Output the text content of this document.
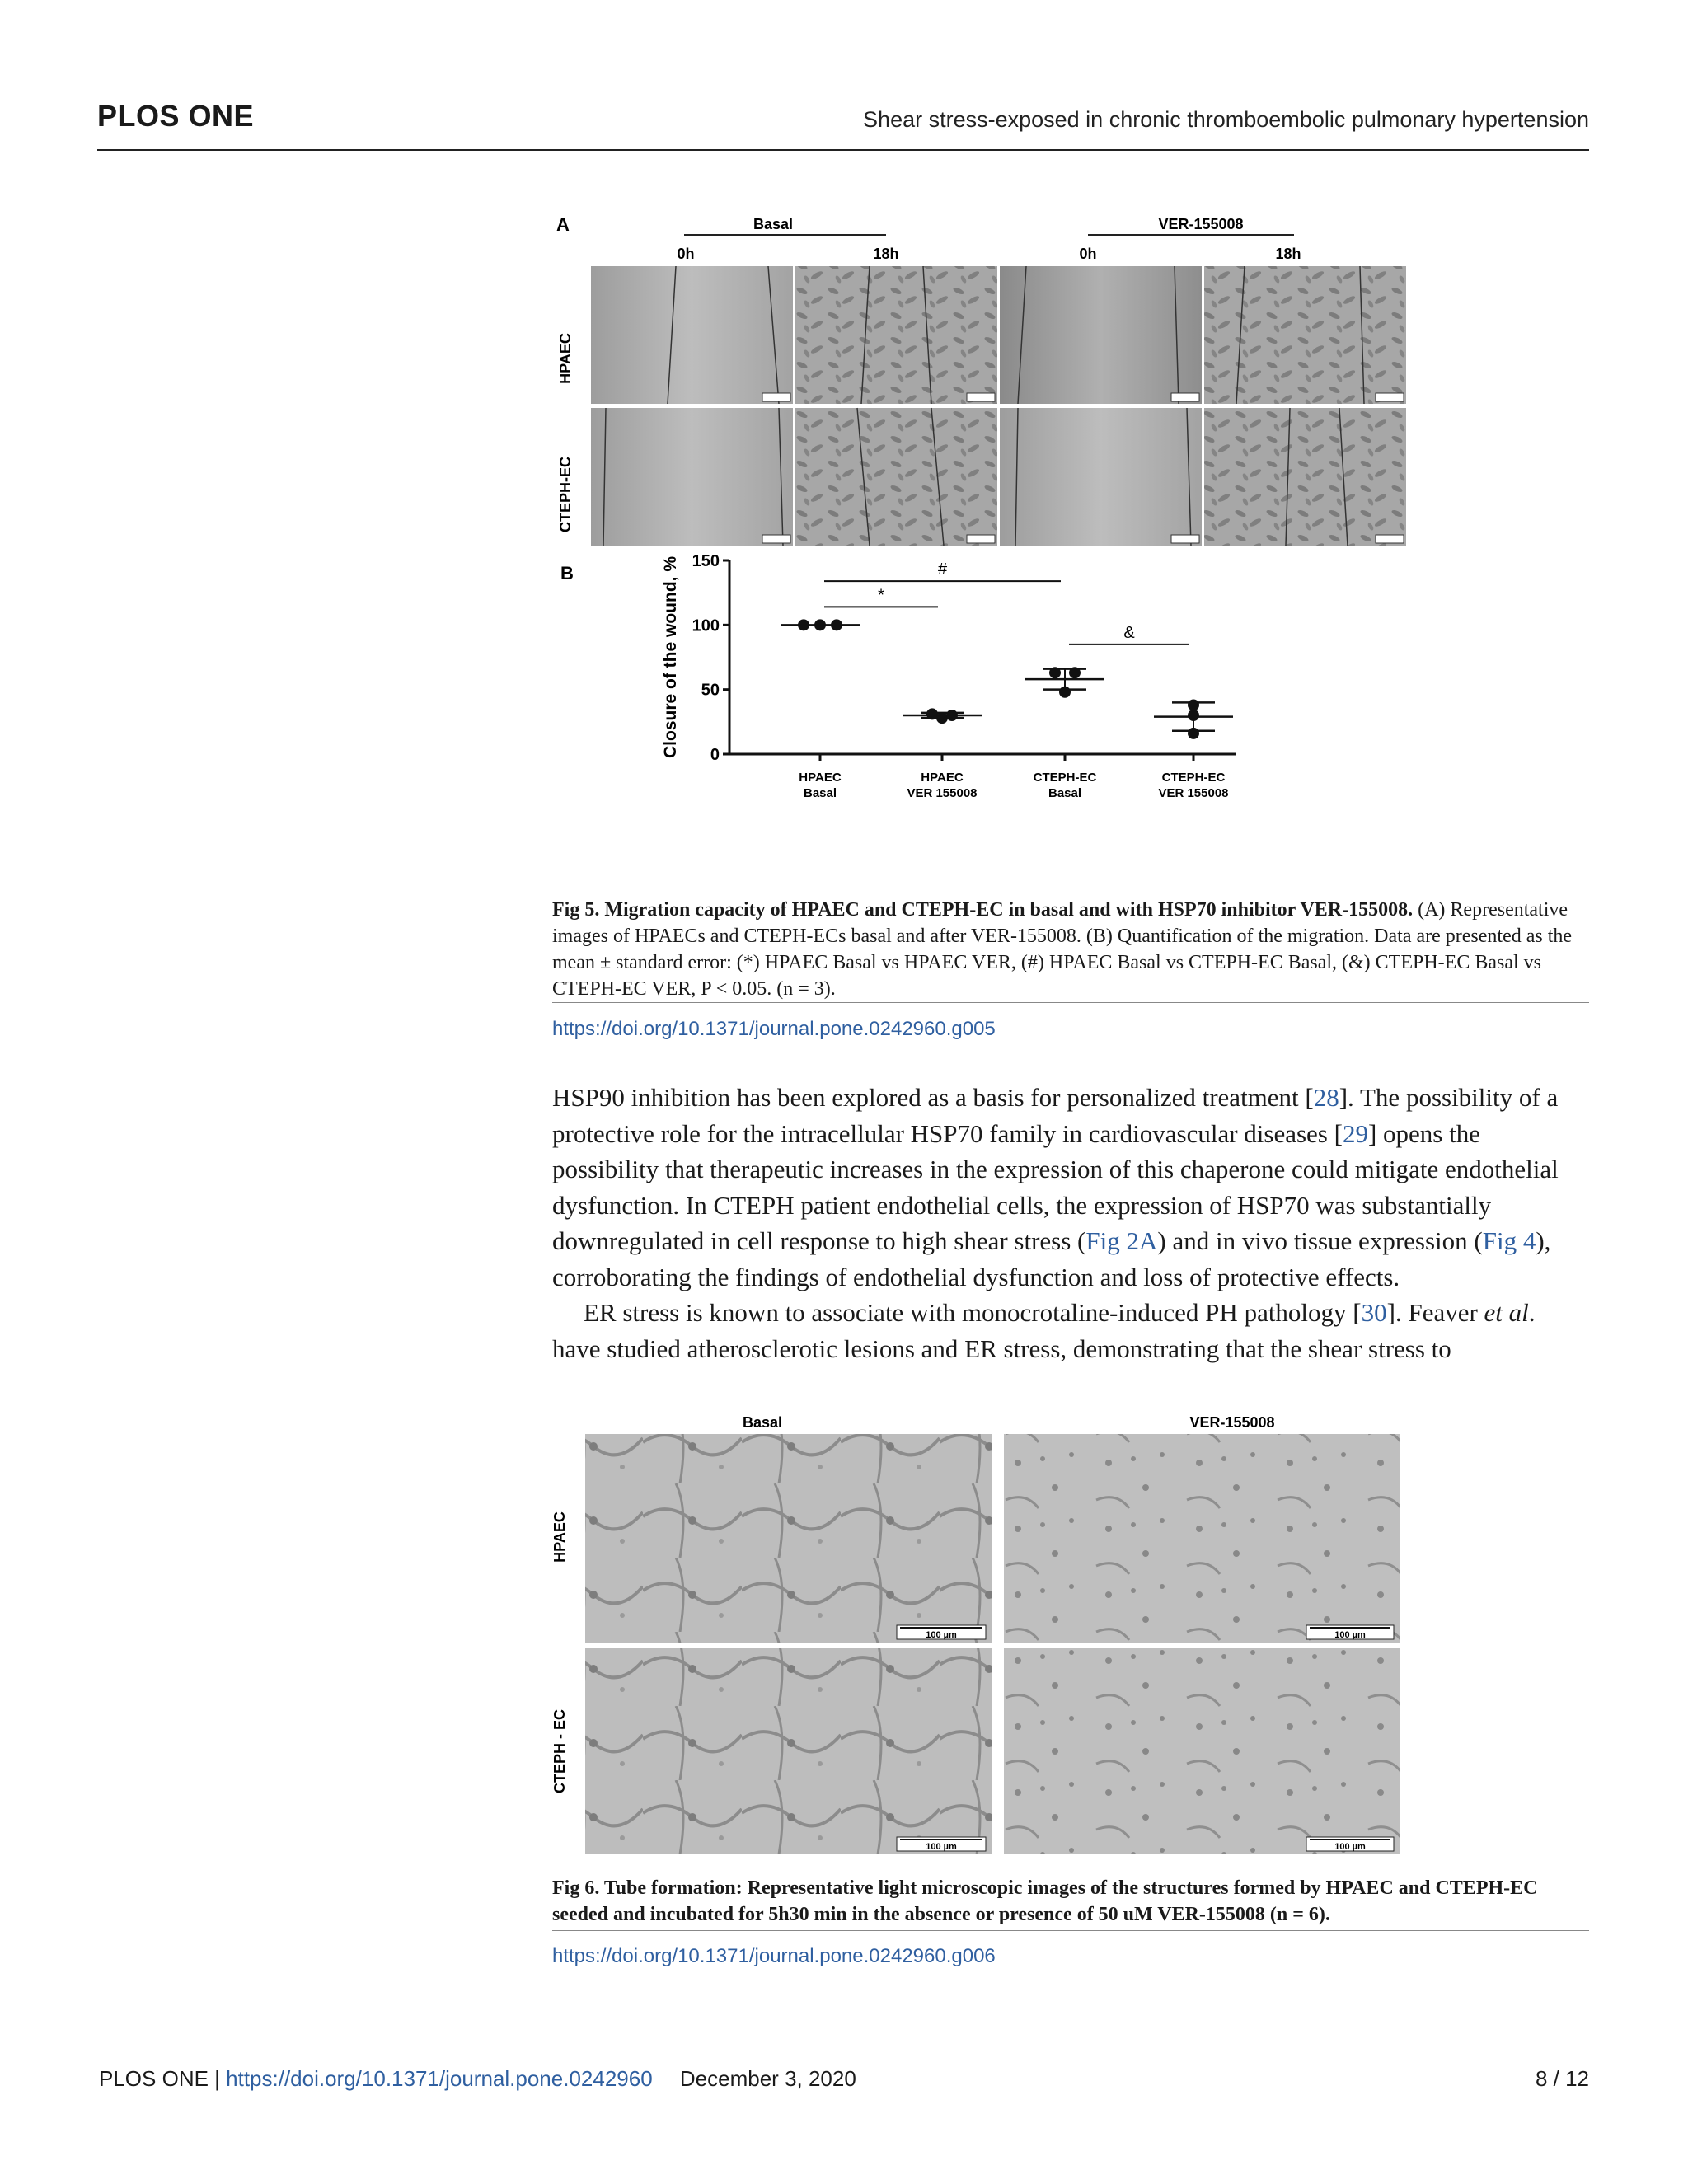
PLOS ONE	Shear stress-exposed in chronic thromboembolic pulmonary hypertension
A	Basal	VER-155008
0h	18h	0h	18h
HPAEC
CTEPH-EC
B
0
50
100
150
Closure of the wound, %
HPAEC
Basal
HPAEC
VER 155008
CTEPH-EC
Basal
CTEPH-EC
VER 155008
#
*
&
Fig 5. Migration capacity of HPAEC and CTEPH-EC in basal and with HSP70 inhibitor VER-155008. (A) Representative images of HPAECs and CTEPH-ECs basal and after VER-155008. (B) Quantification of the migration. Data are presented as the mean ± standard error: (*) HPAEC Basal vs HPAEC VER, (#) HPAEC Basal vs CTEPH-EC Basal, (&) CTEPH-EC Basal vs CTEPH-EC VER, P < 0.05. (n = 3).
https://doi.org/10.1371/journal.pone.0242960.g005

HSP90 inhibition has been explored as a basis for personalized treatment [28]. The possibility of a protective role for the intracellular HSP70 family in cardiovascular diseases [29] opens the possibility that therapeutic increases in the expression of this chaperone could mitigate endothelial dysfunction. In CTEPH patient endothelial cells, the expression of HSP70 was substantially downregulated in cell response to high shear stress (Fig 2A) and in vivo tissue expression (Fig 4), corroborating the findings of endothelial dysfunction and loss of protective effects.

ER stress is known to associate with monocrotaline-induced PH pathology [30]. Feaver et al. have studied atherosclerotic lesions and ER stress, demonstrating that the shear stress to

Basal	VER-155008
HPAEC
CTEPH - EC
100 µm	100 µm
100 µm	100 µm
Fig 6. Tube formation: Representative light microscopic images of the structures formed by HPAEC and CTEPH-EC seeded and incubated for 5h30 min in the absence or presence of 50 uM VER-155008 (n = 6).
https://doi.org/10.1371/journal.pone.0242960.g006
PLOS ONE | https://doi.org/10.1371/journal.pone.0242960 December 3, 2020	8 / 12
